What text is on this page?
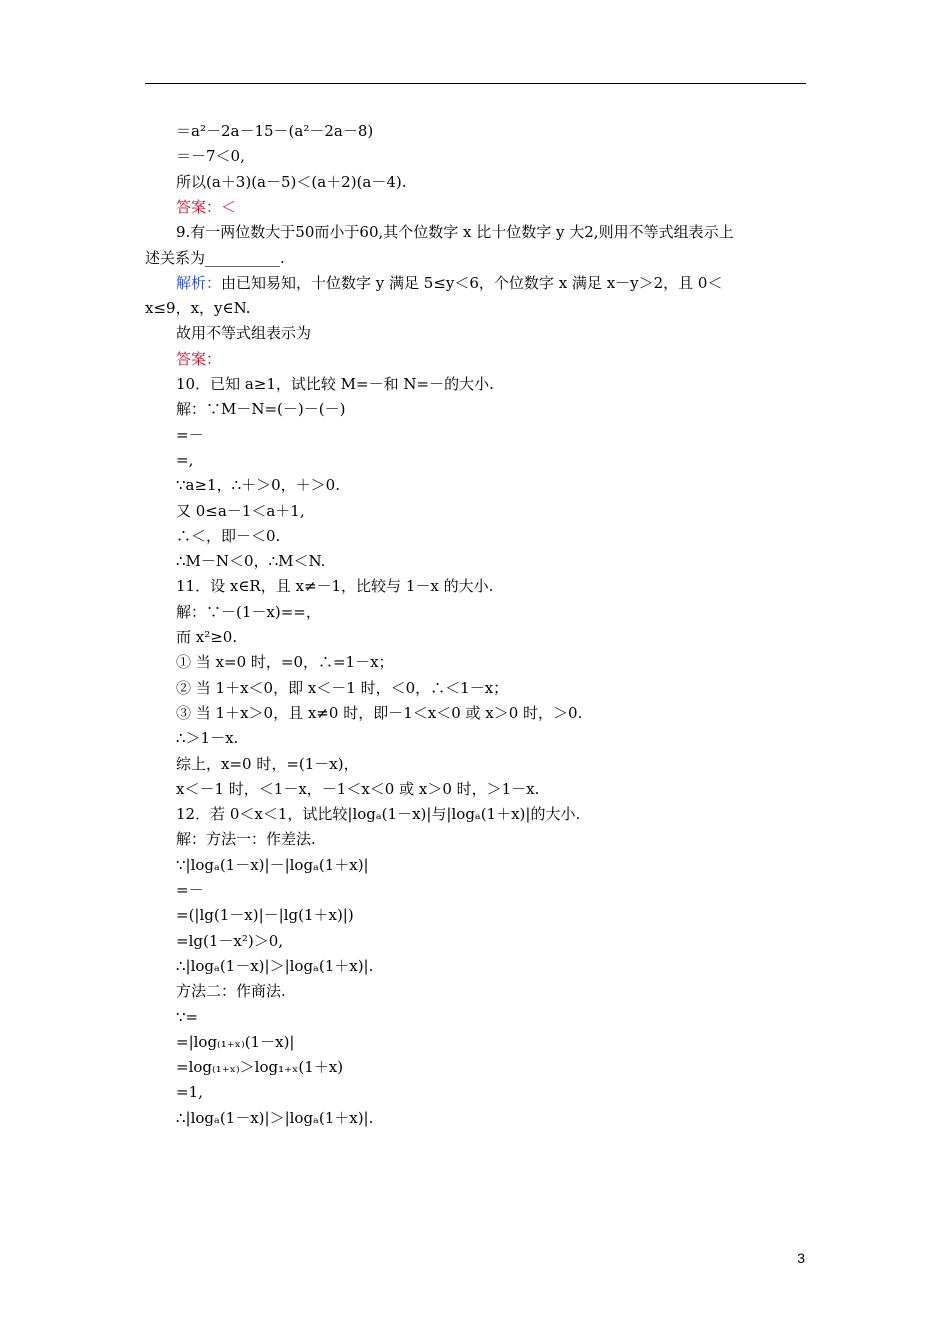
＝a²－2a－15－(a²－2a－8)
＝－7＜0,
所以(a＋3)(a－5)＜(a＋2)(a－4).
答案：＜
9.有一两位数大于50而小于60,其个位数字 x 比十位数字 y 大2,则用不等式组表示上
述关系为__________.
解析：由已知易知，十位数字 y 满足 5≤y＜6，个位数字 x 满足 x－y＞2，且 0＜
x≤9，x，y∈N.
故用不等式组表示为
答案：
10．已知 a≥1，试比较 M=－和 N=－的大小.
解：∵M－N=(－)－(－)
=－
=,
∵a≥1，∴＋＞0，＋＞0.
又 0≤a－1＜a＋1,
∴＜，即－＜0.
∴M－N＜0，∴M＜N.
11．设 x∈R，且 x≠－1，比较与 1－x 的大小.
解：∵－(1－x)==，
而 x²≥0.
① 当 x=0 时，=0，∴=1－x；
② 当 1＋x＜0，即 x＜－1 时，＜0，∴＜1－x；
③ 当 1＋x＞0，且 x≠0 时，即－1＜x＜0 或 x＞0 时，＞0.
∴＞1－x.
综上，x=0 时，=(1－x)，
x＜－1 时，＜1－x，－1＜x＜0 或 x＞0 时，＞1－x.
12．若 0＜x＜1，试比较|logₐ(1－x)|与|logₐ(1＋x)|的大小.
解：方法一：作差法.
∵|logₐ(1－x)|－|logₐ(1＋x)|
=－
=(|lg(1－x)|－|lg(1＋x)|)
=lg(1－x²)＞0,
∴|logₐ(1－x)|＞|logₐ(1＋x)|.
方法二：作商法.
∵=
=|log₍₁₊ₓ₎(1－x)|
=log₍₁₊ₓ₎＞log₁₊ₓ(1＋x)
=1,
∴|logₐ(1－x)|＞|logₐ(1＋x)|.
3
